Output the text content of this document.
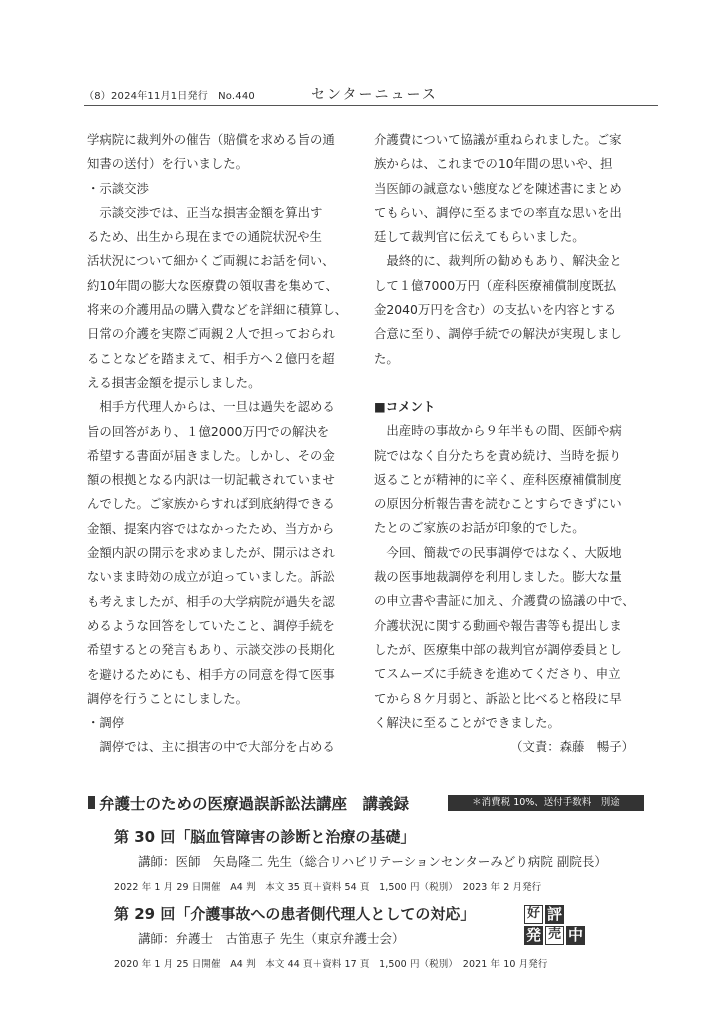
（8）2024年11月1日発行　No.440	センターニュース
学病院に裁判外の催告（賠償を求める旨の通
知書の送付）を行いました。
・示談交渉
示談交渉では、正当な損害金額を算出す
るため、出生から現在までの通院状況や生
活状況について細かくご両親にお話を伺い、
約10年間の膨大な医療費の領収書を集めて、
将来の介護用品の購入費などを詳細に積算し、
日常の介護を実際ご両親２人で担っておられ
ることなどを踏まえて、相手方へ２億円を超
える損害金額を提示しました。
相手方代理人からは、一旦は過失を認める
旨の回答があり、１億2000万円での解決を
希望する書面が届きました。しかし、その金
額の根拠となる内訳は一切記載されていませ
んでした。ご家族からすれば到底納得できる
金額、提案内容ではなかったため、当方から
金額内訳の開示を求めましたが、開示はされ
ないまま時効の成立が迫っていました。訴訟
も考えましたが、相手の大学病院が過失を認
めるような回答をしていたこと、調停手続を
希望するとの発言もあり、示談交渉の長期化
を避けるためにも、相手方の同意を得て医事
調停を行うことにしました。
・調停
調停では、主に損害の中で大部分を占める
介護費について協議が重ねられました。ご家
族からは、これまでの10年間の思いや、担
当医師の誠意ない態度などを陳述書にまとめ
てもらい、調停に至るまでの率直な思いを出
廷して裁判官に伝えてもらいました。
最終的に、裁判所の勧めもあり、解決金と
して１億7000万円（産科医療補償制度既払
金2040万円を含む）の支払いを内容とする
合意に至り、調停手続での解決が実現しまし
た。
■コメント
出産時の事故から９年半もの間、医師や病
院ではなく自分たちを責め続け、当時を振り
返ることが精神的に辛く、産科医療補償制度
の原因分析報告書を読むことすらできずにい
たとのご家族のお話が印象的でした。
今回、簡裁での民事調停ではなく、大阪地
裁の医事地裁調停を利用しました。膨大な量
の申立書や書証に加え、介護費の協議の中で、
介護状況に関する動画や報告書等も提出しま
したが、医療集中部の裁判官が調停委員とし
てスムーズに手続きを進めてくださり、申立
てから８ケ月弱と、訴訟と比べると格段に早
く解決に至ることができました。
（文責：森藤　暢子）
弁護士のための医療過誤訴訟法講座　講義録	＊消費税 10%、送付手数料　別途
第 30 回「脳血管障害の診断と治療の基礎」
講師：医師　矢島隆二 先生（総合リハビリテーションセンターみどり病院 副院長）
2022 年 1 月 29 日開催　A4 判　本文 35 頁＋資料 54 頁　1,500 円（税別）　2023 年 2 月発行
第 29 回「介護事故への患者側代理人としての対応」
講師：弁護士　古笛恵子 先生（東京弁護士会）
2020 年 1 月 25 日開催　A4 判　本文 44 頁＋資料 17 頁　1,500 円（税別）　2021 年 10 月発行
好 評
発 売 中
